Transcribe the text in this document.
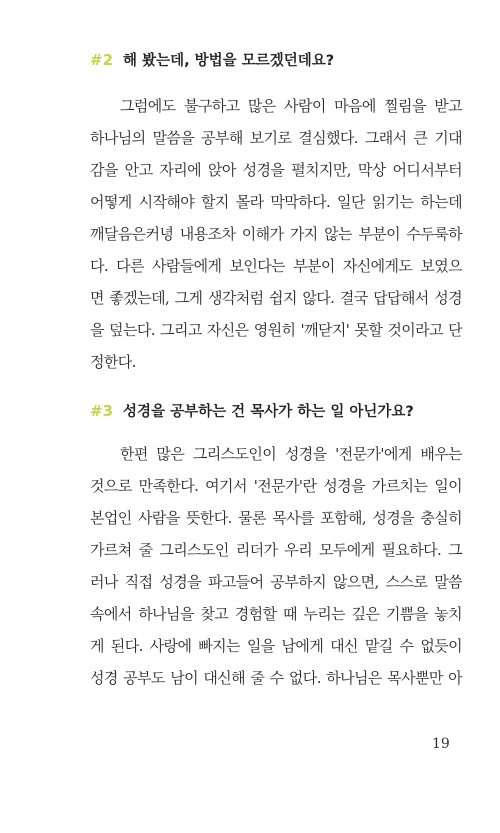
#2 해 봤는데, 방법을 모르겠던데요?
그럼에도 불구하고 많은 사람이 마음에 찔림을 받고
하나님의 말씀을 공부해 보기로 결심했다. 그래서 큰 기대
감을 안고 자리에 앉아 성경을 펼치지만, 막상 어디서부터
어떻게 시작해야 할지 몰라 막막하다. 일단 읽기는 하는데
깨달음은커녕 내용조차 이해가 가지 않는 부분이 수두룩하
다. 다른 사람들에게 보인다는 부분이 자신에게도 보였으
면 좋겠는데, 그게 생각처럼 쉽지 않다. 결국 답답해서 성경
을 덮는다. 그리고 자신은 영원히 '깨닫지' 못할 것이라고 단
정한다.
#3 성경을 공부하는 건 목사가 하는 일 아닌가요?
한편 많은 그리스도인이 성경을 '전문가'에게 배우는
것으로 만족한다. 여기서 '전문가'란 성경을 가르치는 일이
본업인 사람을 뜻한다. 물론 목사를 포함해, 성경을 충실히
가르쳐 줄 그리스도인 리더가 우리 모두에게 필요하다. 그
러나 직접 성경을 파고들어 공부하지 않으면, 스스로 말씀
속에서 하나님을 찾고 경험할 때 누리는 깊은 기쁨을 놓치
게 된다. 사랑에 빠지는 일을 남에게 대신 맡길 수 없듯이
성경 공부도 남이 대신해 줄 수 없다. 하나님은 목사뿐만 아
19
